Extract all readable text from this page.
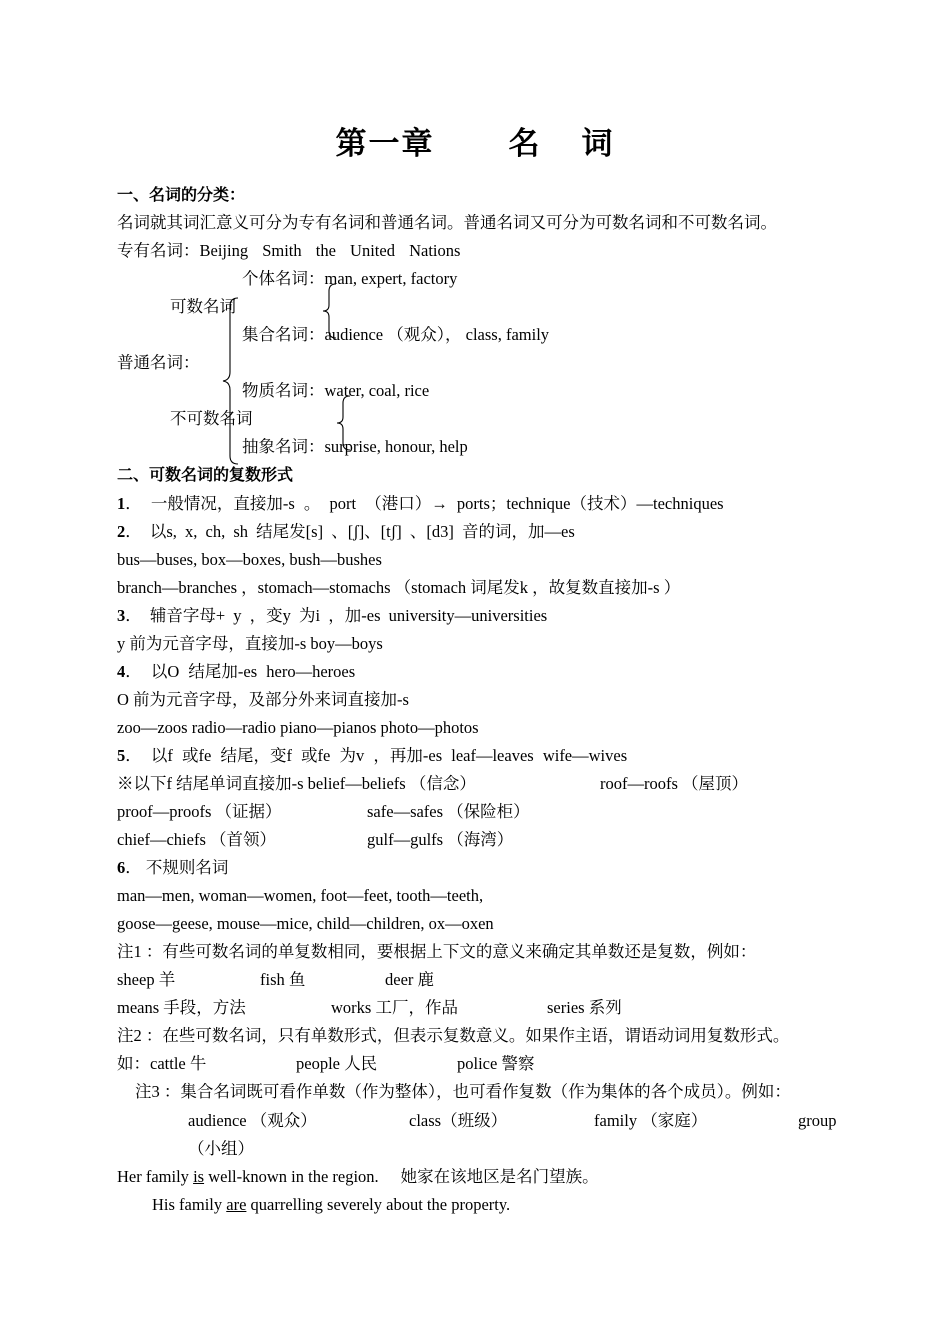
第一章 名 词
一、名词的分类：
名词就其词汇意义可分为专有名词和普通名词。普通名词又可分为可数名词和不可数名词。
专有名词：Beijing Smith the United Nations
个体名词：man, expert, factory
可数名词
集合名词：audience （观众）， class, family
普通名词：
物质名词：water, coal, rice
不可数名词
抽象名词：surprise, honour, help
二、可数名词的复数形式
1． 一般情况，直接加-s 。 port （港口）→ ports；technique（技术）—techniques
2． 以s, x, ch, sh 结尾发[s] 、[ʃ]、[tʃ] 、[d3] 音的词，加—es
bus—buses, box—boxes, bush—bushes
branch—branches ，stomach—stomachs （stomach 词尾发k ，故复数直接加-s ）
3． 辅音字母+ y ，变y 为i ，加-es university—universities
y 前为元音字母，直接加-s boy—boys
4． 以O 结尾加-es hero—heroes
O 前为元音字母，及部分外来词直接加-s
zoo—zoos radio—radio piano—pianos photo—photos
5． 以f 或fe 结尾，变f 或fe 为v ，再加-es leaf—leaves wife—wives
※以下f 结尾单词直接加-s belief—beliefs （信念）	roof—roofs （屋顶）
proof—proofs （证据）	safe—safes （保险柜）
chief—chiefs （首领）	gulf—gulfs （海湾）
6． 不规则名词
man—men, woman—women, foot—feet, tooth—teeth,
goose—geese, mouse—mice, child—children, ox—oxen
注1 ：有些可数名词的单复数相同，要根据上下文的意义来确定其单数还是复数，例如：
sheep 羊	fish 鱼	deer 鹿
means 手段，方法	works 工厂，作品	series 系列
注2 ：在些可数名词，只有单数形式，但表示复数意义。如果作主语，谓语动词用复数形式。
如：cattle 牛	people 人民	police 警察
注3 ：集合名词既可看作单数（作为整体），也可看作复数（作为集体的各个成员）。例如：
audience （观众）	class（班级）	family （家庭）	group
（小组）
Her family is well-known in the region. 她家在该地区是名门望族。
His family are quarrelling severely about the property.
